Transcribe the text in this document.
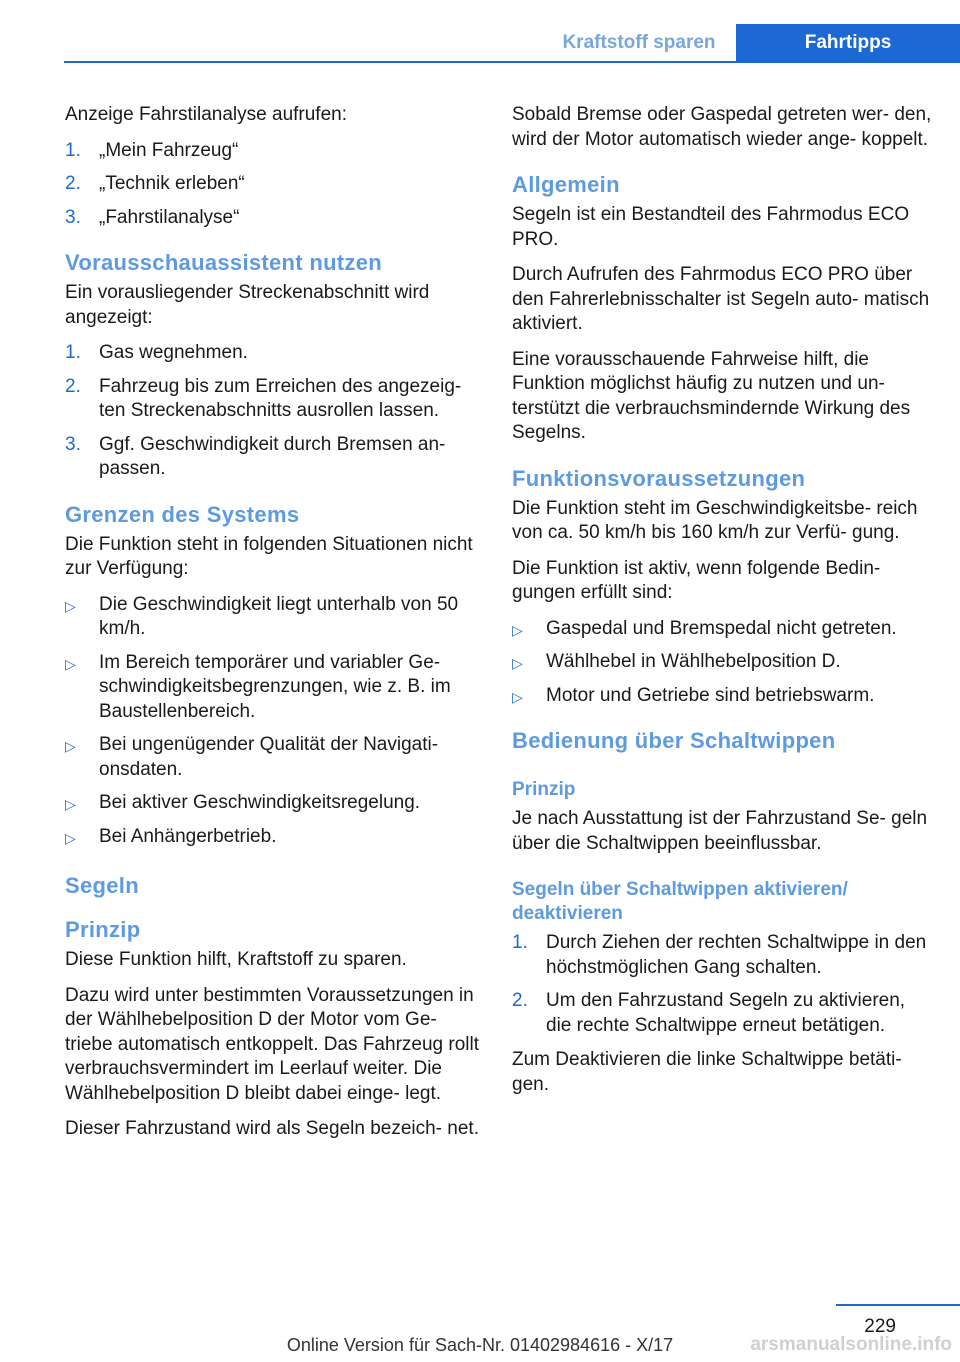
Kraftstoff sparen	Fahrtipps

Anzeige Fahrstilanalyse aufrufen:

1. „Mein Fahrzeug“
2. „Technik erleben“
3. „Fahrstilanalyse“
Vorausschauassistent nutzen

Ein vorausliegender Streckenabschnitt wird angezeigt:

1. Gas wegnehmen.
2. Fahrzeug bis zum Erreichen des angezeig‐ ten Streckenabschnitts ausrollen lassen.
3. Ggf. Geschwindigkeit durch Bremsen an‐ passen.
Grenzen des Systems

Die Funktion steht in folgenden Situationen nicht zur Verfügung:

▷ Die Geschwindigkeit liegt unterhalb von 50 km/h.
▷ Im Bereich temporärer und variabler Ge‐ schwindigkeitsbegrenzungen, wie z. B. im Baustellenbereich.
▷ Bei ungenügender Qualität der Navigati‐ onsdaten.
▷ Bei aktiver Geschwindigkeitsregelung.
▷ Bei Anhängerbetrieb.
Segeln
Prinzip

Diese Funktion hilft, Kraftstoff zu sparen.

Dazu wird unter bestimmten Voraussetzungen in der Wählhebelposition D der Motor vom Ge‐ triebe automatisch entkoppelt. Das Fahrzeug rollt verbrauchsvermindert im Leerlauf weiter. Die Wählhebelposition D bleibt dabei einge‐ legt.

Dieser Fahrzustand wird als Segeln bezeich‐ net.

Sobald Bremse oder Gaspedal getreten wer‐ den, wird der Motor automatisch wieder ange‐ koppelt.

Allgemein

Segeln ist ein Bestandteil des Fahrmodus ECO PRO.

Durch Aufrufen des Fahrmodus ECO PRO über den Fahrerlebnisschalter ist Segeln auto‐ matisch aktiviert.

Eine vorausschauende Fahrweise hilft, die Funktion möglichst häufig zu nutzen und un‐ terstützt die verbrauchsmindernde Wirkung des Segelns.

Funktionsvoraussetzungen

Die Funktion steht im Geschwindigkeitsbe‐ reich von ca. 50 km/h bis 160 km/h zur Verfü‐ gung.

Die Funktion ist aktiv, wenn folgende Bedin‐ gungen erfüllt sind:

▷ Gaspedal und Bremspedal nicht getreten.
▷ Wählhebel in Wählhebelposition D.
▷ Motor und Getriebe sind betriebswarm.
Bedienung über Schaltwippen
Prinzip

Je nach Ausstattung ist der Fahrzustand Se‐ geln über die Schaltwippen beeinflussbar.

Segeln über Schaltwippen aktivieren/ deaktivieren
1. Durch Ziehen der rechten Schaltwippe in den höchstmöglichen Gang schalten.
2. Um den Fahrzustand Segeln zu aktivieren, die rechte Schaltwippe erneut betätigen.

Zum Deaktivieren die linke Schaltwippe betäti‐ gen.

229
Online Version für Sach-Nr. 01402984616 - X/17	arsmanualsonline.info
